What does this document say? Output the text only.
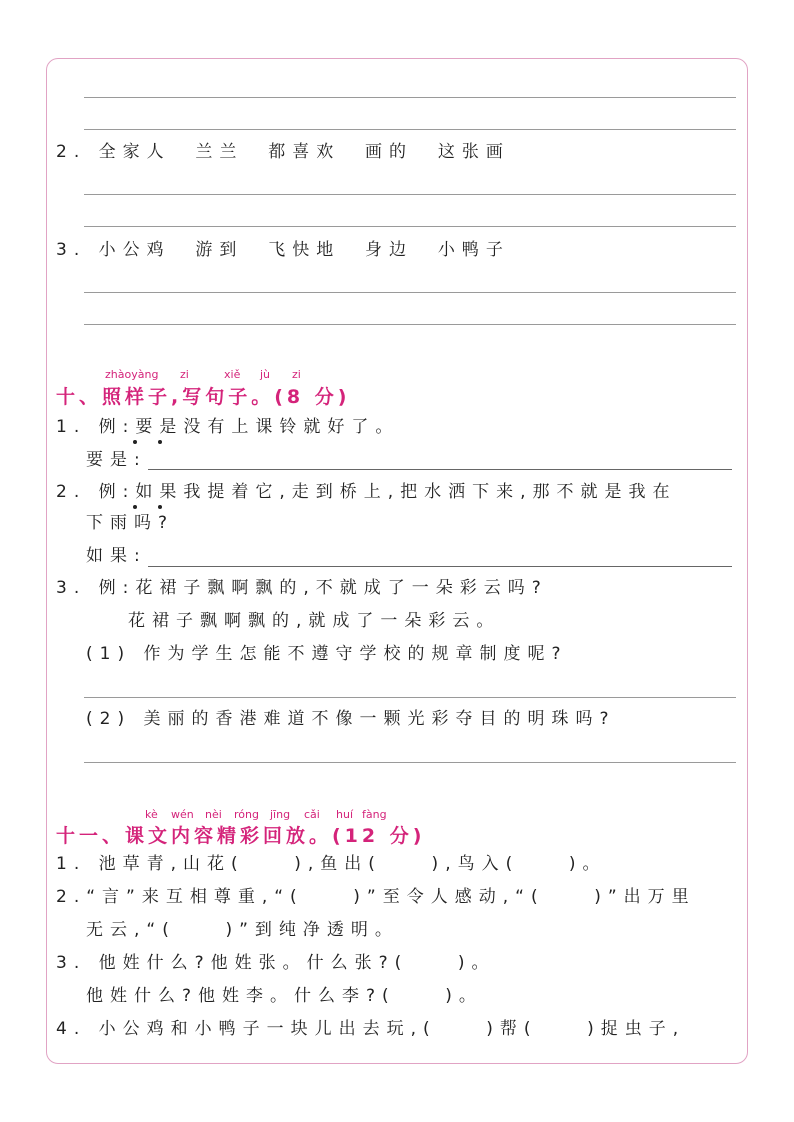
2. 全家人  兰兰  都喜欢  画的  这张画
3. 小公鸡  游到  飞快地  身边  小鸭子
zhàoyàng zi	xiě jù zi
十、照样子,写句子。(8 分)
1. 例:要是没有上课铃就好了。
要是:
2. 例:如果我提着它,走到桥上,把水洒下来,那不就是我在
下雨吗?
如果:
3. 例:花裙子飘啊飘的,不就成了一朵彩云吗?
花裙子飘啊飘的,就成了一朵彩云。
(1) 作为学生怎能不遵守学校的规章制度呢?
(2) 美丽的香港难道不像一颗光彩夺目的明珠吗?
kè wén nèi róng jīng cǎi huí fàng
十一、课文内容精彩回放。(12 分)
1. 池草青,山花(    ),鱼出(    ),鸟入(    )。
2.“言”来互相尊重,“(    )”至令人感动,“(    )”出万里
无云,“(    )”到纯净透明。
3. 他姓什么?他姓张。什么张?(    )。
他姓什么?他姓李。什么李?(    )。
4. 小公鸡和小鸭子一块儿出去玩,(    )帮(    )捉虫子,
